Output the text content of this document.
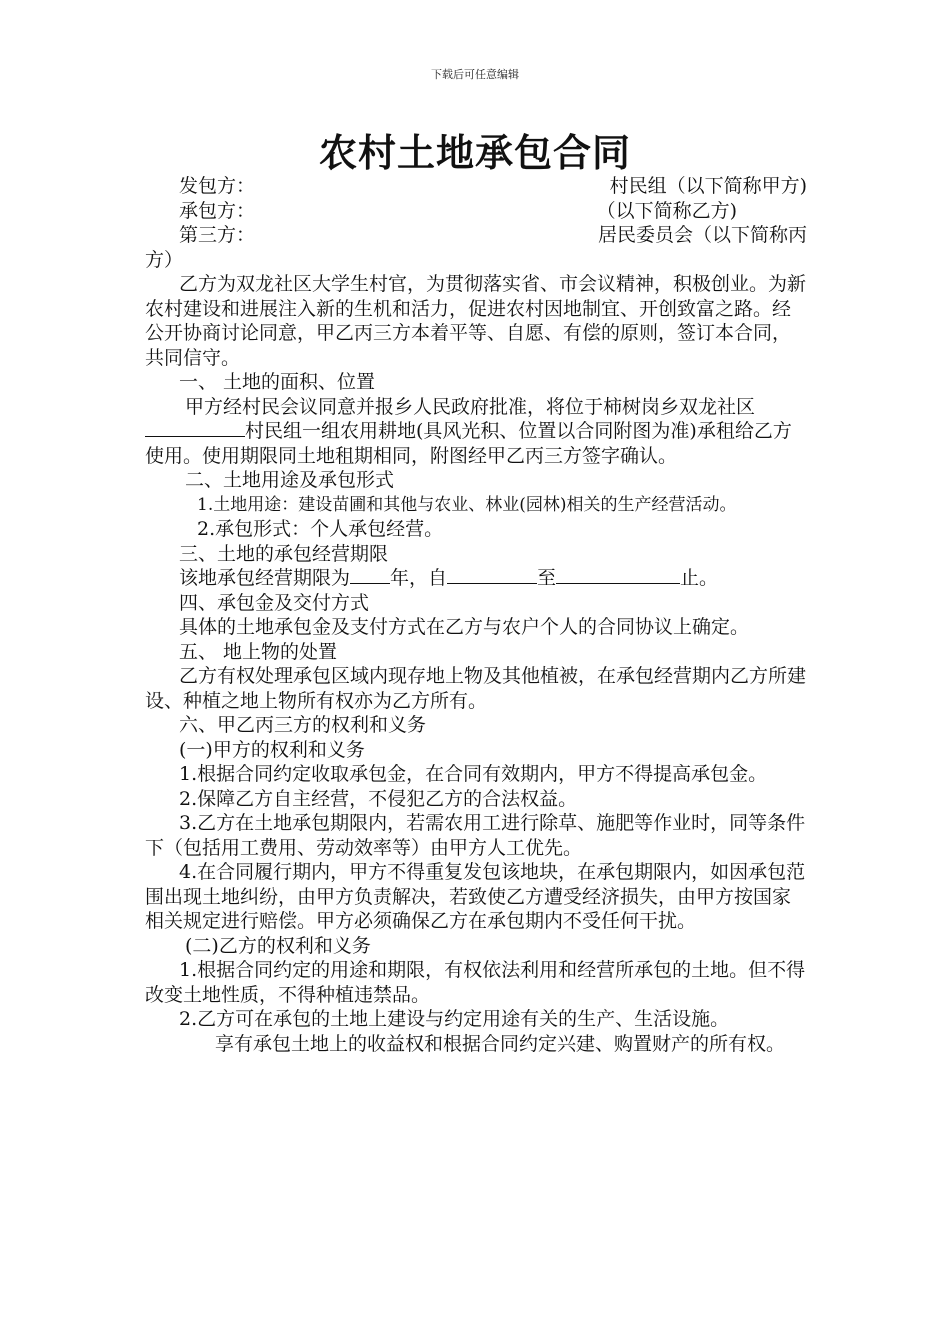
下载后可任意编辑
农村土地承包合同
发包方：	村民组（以下简称甲方)
承包方：	（以下简称乙方)
第三方：	居民委员会（以下简称丙

方）

乙方为双龙社区大学生村官，为贯彻落实省、市会议精神，积极创业。为新农村建设和进展注入新的生机和活力，促进农村因地制宜、开创致富之路。经公开协商讨论同意，甲乙丙三方本着平等、自愿、有偿的原则，签订本合同，共同信守。

一、 土地的面积、位置

甲方经村民会议同意并报乡人民政府批准，将位于柿树岗乡双龙社区村民组一组农用耕地(具风光积、位置以合同附图为准)承租给乙方使用。使用期限同土地租期相同，附图经甲乙丙三方签字确认。

二、土地用途及承包形式

1.土地用途：建设苗圃和其他与农业、林业(园林)相关的生产经营活动。

2.承包形式：个人承包经营。

三、土地的承包经营期限

该地承包经营期限为 年，自	至	止。

四、承包金及交付方式

具体的土地承包金及支付方式在乙方与农户个人的合同协议上确定。

五、 地上物的处置

乙方有权处理承包区域内现存地上物及其他植被，在承包经营期内乙方所建设、种植之地上物所有权亦为乙方所有。

六、甲乙丙三方的权利和义务

(一)甲方的权利和义务

1.根据合同约定收取承包金，在合同有效期内，甲方不得提高承包金。

2.保障乙方自主经营，不侵犯乙方的合法权益。

3.乙方在土地承包期限内，若需农用工进行除草、施肥等作业时，同等条件下（包括用工费用、劳动效率等）由甲方人工优先。

4.在合同履行期内，甲方不得重复发包该地块，在承包期限内，如因承包范围出现土地纠纷，由甲方负责解决，若致使乙方遭受经济损失，由甲方按国家相关规定进行赔偿。甲方必须确保乙方在承包期内不受任何干扰。

(二)乙方的权利和义务

1.根据合同约定的用途和期限，有权依法利用和经营所承包的土地。但不得改变土地性质，不得种植违禁品。

2.乙方可在承包的土地上建设与约定用途有关的生产、生活设施。

享有承包土地上的收益权和根据合同约定兴建、购置财产的所有权。
